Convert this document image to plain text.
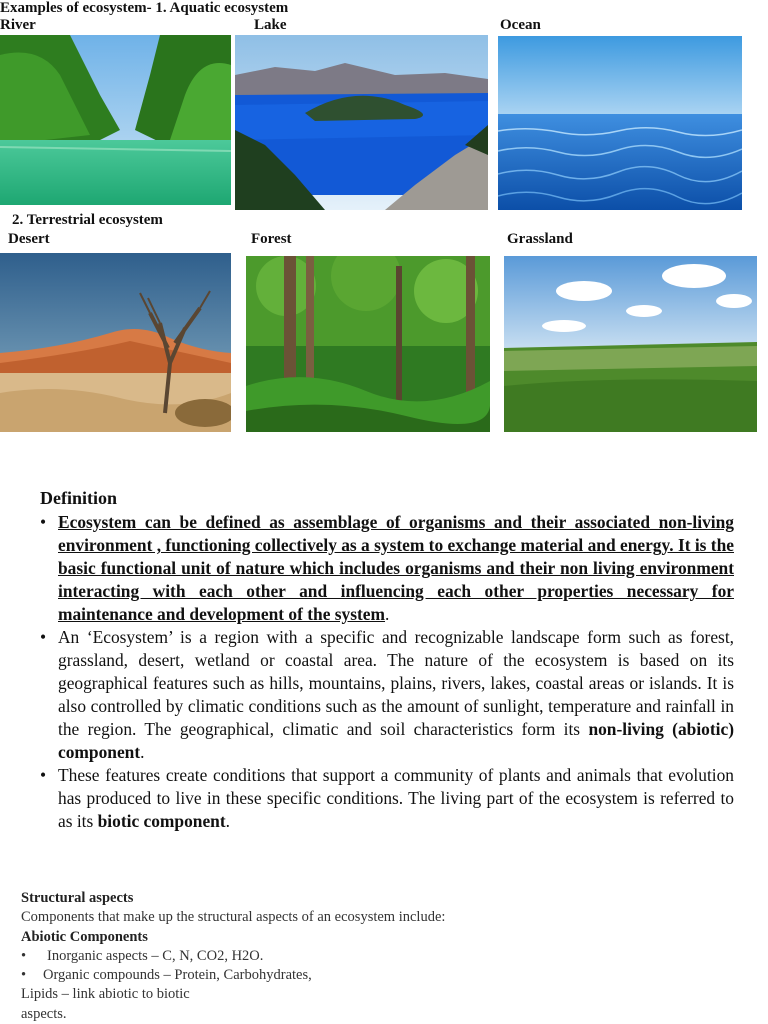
Examples of ecosystem- 1. Aquatic ecosystem
River	Lake	Ocean
2. Terrestrial ecosystem
Desert	Forest	Grassland
Definition
• Ecosystem can be defined as assemblage of organisms and their associated non-living environment , functioning collectively as a system to exchange material and energy. It is the basic functional unit of nature which includes organisms and their non living environment interacting with each other and influencing each other properties necessary for maintenance and development of the system.
• An ‘Ecosystem’ is a region with a specific and recognizable landscape form such as forest, grassland, desert, wetland or coastal area. The nature of the ecosystem is based on its geographical features such as hills, mountains, plains, rivers, lakes, coastal areas or islands. It is also controlled by climatic conditions such as the amount of sunlight, temperature and rainfall in the region. The geographical, climatic and soil characteristics form its non-living (abiotic) component.
• These features create conditions that support a community of plants and animals that evolution has produced to live in these specific conditions. The living part of the ecosystem is referred to as its biotic component.
Structural aspects
Components that make up the structural aspects of an ecosystem include:
Abiotic Components
• Inorganic aspects – C, N, CO2, H2O.
• Organic compounds – Protein, Carbohydrates,
Lipids – link abiotic to biotic
aspects.
